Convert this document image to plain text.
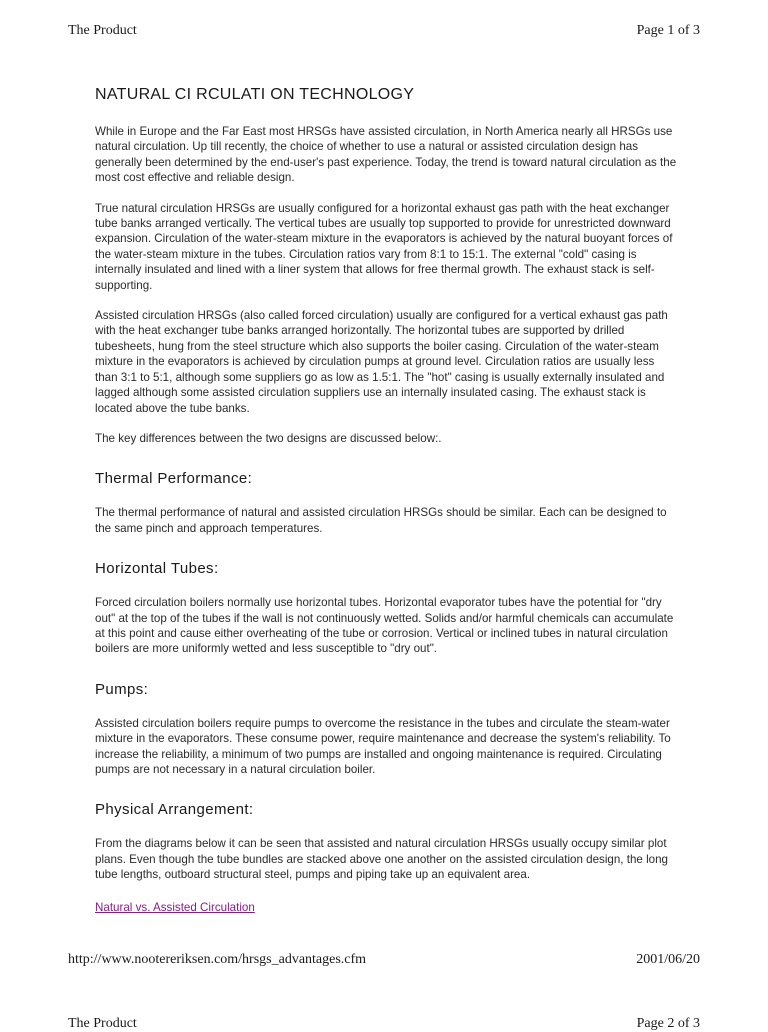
The Product	Page 1 of 3
NATURAL CI RCULATI ON TECHNOLOGY

While in Europe and the Far East most HRSGs have assisted circulation, in North America nearly all HRSGs use natural circulation. Up till recently, the choice of whether to use a natural or assisted circulation design has generally been determined by the end-user's past experience. Today, the trend is toward natural circulation as the most cost effective and reliable design.

True natural circulation HRSGs are usually configured for a horizontal exhaust gas path with the heat exchanger tube banks arranged vertically. The vertical tubes are usually top supported to provide for unrestricted downward expansion. Circulation of the water-steam mixture in the evaporators is achieved by the natural buoyant forces of the water-steam mixture in the tubes. Circulation ratios vary from 8:1 to 15:1. The external "cold" casing is internally insulated and lined with a liner system that allows for free thermal growth. The exhaust stack is self-supporting.

Assisted circulation HRSGs (also called forced circulation) usually are configured for a vertical exhaust gas path with the heat exchanger tube banks arranged horizontally. The horizontal tubes are supported by drilled tubesheets, hung from the steel structure which also supports the boiler casing. Circulation of the water-steam mixture in the evaporators is achieved by circulation pumps at ground level. Circulation ratios are usually less than 3:1 to 5:1, although some suppliers go as low as 1.5:1. The "hot" casing is usually externally insulated and lagged although some assisted circulation suppliers use an internally insulated casing. The exhaust stack is located above the tube banks.

The key differences between the two designs are discussed below:.

Thermal Performance:

The thermal performance of natural and assisted circulation HRSGs should be similar. Each can be designed to the same pinch and approach temperatures.

Horizontal Tubes:

Forced circulation boilers normally use horizontal tubes. Horizontal evaporator tubes have the potential for "dry out" at the top of the tubes if the wall is not continuously wetted. Solids and/or harmful chemicals can accumulate at this point and cause either overheating of the tube or corrosion. Vertical or inclined tubes in natural circulation boilers are more uniformly wetted and less susceptible to "dry out".

Pumps:

Assisted circulation boilers require pumps to overcome the resistance in the tubes and circulate the steam-water mixture in the evaporators. These consume power, require maintenance and decrease the system's reliability. To increase the reliability, a minimum of two pumps are installed and ongoing maintenance is required. Circulating pumps are not necessary in a natural circulation boiler.

Physical Arrangement:

From the diagrams below it can be seen that assisted and natural circulation HRSGs usually occupy similar plot plans. Even though the tube bundles are stacked above one another on the assisted circulation design, the long tube lengths, outboard structural steel, pumps and piping take up an equivalent area.

Natural vs. Assisted Circulation
http://www.nootereriksen.com/hrsgs_advantages.cfm	2001/06/20
The Product	Page 2 of 3
